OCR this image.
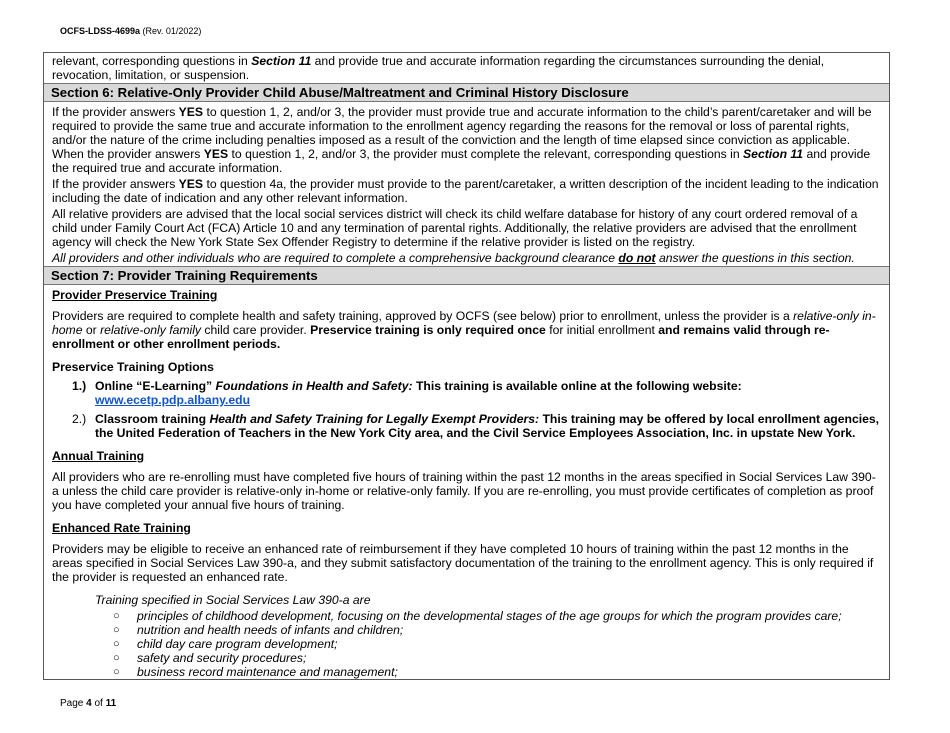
OCFS-LDSS-4699a (Rev. 01/2022)

relevant, corresponding questions in Section 11 and provide true and accurate information regarding the circumstances surrounding the denial, revocation, limitation, or suspension.

Section 6: Relative-Only Provider Child Abuse/Maltreatment and Criminal History Disclosure

If the provider answers YES to question 1, 2, and/or 3, the provider must provide true and accurate information to the child’s parent/caretaker and will be required to provide the same true and accurate information to the enrollment agency regarding the reasons for the removal or loss of parental rights, and/or the nature of the crime including penalties imposed as a result of the conviction and the length of time elapsed since conviction as applicable. When the provider answers YES to question 1, 2, and/or 3, the provider must complete the relevant, corresponding questions in Section 11 and provide the required true and accurate information.

If the provider answers YES to question 4a, the provider must provide to the parent/caretaker, a written description of the incident leading to the indication including the date of indication and any other relevant information.

All relative providers are advised that the local social services district will check its child welfare database for history of any court ordered removal of a child under Family Court Act (FCA) Article 10 and any termination of parental rights. Additionally, the relative providers are advised that the enrollment agency will check the New York State Sex Offender Registry to determine if the relative provider is listed on the registry.

All providers and other individuals who are required to complete a comprehensive background clearance do not answer the questions in this section.

Section 7: Provider Training Requirements

Provider Preservice Training

Providers are required to complete health and safety training, approved by OCFS (see below) prior to enrollment, unless the provider is a relative-only in-home or relative-only family child care provider. Preservice training is only required once for initial enrollment and remains valid through re-enrollment or other enrollment periods.

Preservice Training Options

1.) Online “E-Learning” Foundations in Health and Safety: This training is available online at the following website:
www.ecetp.pdp.albany.edu
2.) Classroom training Health and Safety Training for Legally Exempt Providers: This training may be offered by local enrollment agencies, the United Federation of Teachers in the New York City area, and the Civil Service Employees Association, Inc. in upstate New York.

Annual Training

All providers who are re-enrolling must have completed five hours of training within the past 12 months in the areas specified in Social Services Law 390-a unless the child care provider is relative-only in-home or relative-only family. If you are re-enrolling, you must provide certificates of completion as proof you have completed your annual five hours of training.

Enhanced Rate Training

Providers may be eligible to receive an enhanced rate of reimbursement if they have completed 10 hours of training within the past 12 months in the areas specified in Social Services Law 390-a, and they submit satisfactory documentation of the training to the enrollment agency. This is only required if the provider is requested an enhanced rate.

Training specified in Social Services Law 390-a are
○ principles of childhood development, focusing on the developmental stages of the age groups for which the program provides care;
○ nutrition and health needs of infants and children;
○ child day care program development;
○ safety and security procedures;
○ business record maintenance and management;
Page 4 of 11
